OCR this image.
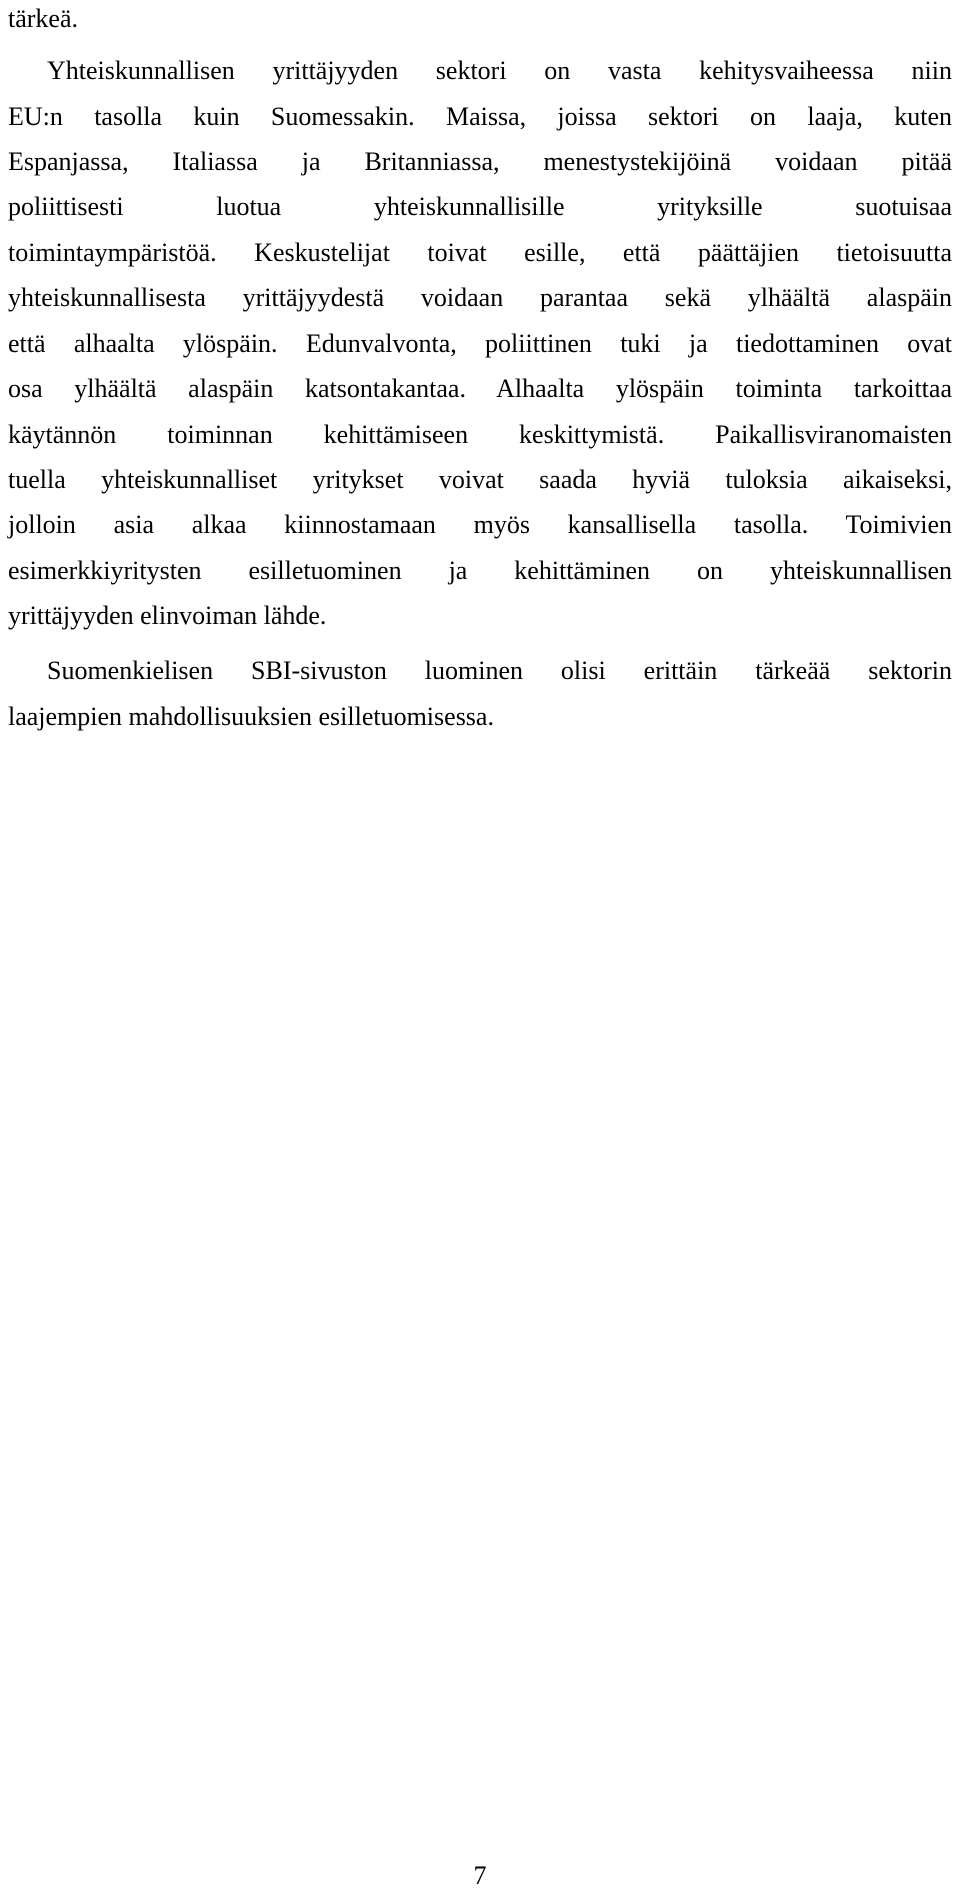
tärkeä.
Yhteiskunnallisen yrittäjyyden sektori on vasta kehitysvaiheessa niin
EU:n tasolla kuin Suomessakin. Maissa, joissa sektori on laaja, kuten
Espanjassa, Italiassa ja Britanniassa, menestystekijöinä voidaan pitää
poliittisesti luotua yhteiskunnallisille yrityksille suotuisaa
toimintaympäristöä. Keskustelijat toivat esille, että päättäjien tietoisuutta
yhteiskunnallisesta yrittäjyydestä voidaan parantaa sekä ylhäältä alaspäin
että alhaalta ylöspäin. Edunvalvonta, poliittinen tuki ja tiedottaminen ovat
osa ylhäältä alaspäin katsontakantaa. Alhaalta ylöspäin toiminta tarkoittaa
käytännön toiminnan kehittämiseen keskittymistä. Paikallisviranomaisten
tuella yhteiskunnalliset yritykset voivat saada hyviä tuloksia aikaiseksi,
jolloin asia alkaa kiinnostamaan myös kansallisella tasolla. Toimivien
esimerkkiyritysten esilletuominen ja kehittäminen on yhteiskunnallisen
yrittäjyyden elinvoiman lähde.
Suomenkielisen SBI-sivuston luominen olisi erittäin tärkeää sektorin
laajempien mahdollisuuksien esilletuomisessa.
7
